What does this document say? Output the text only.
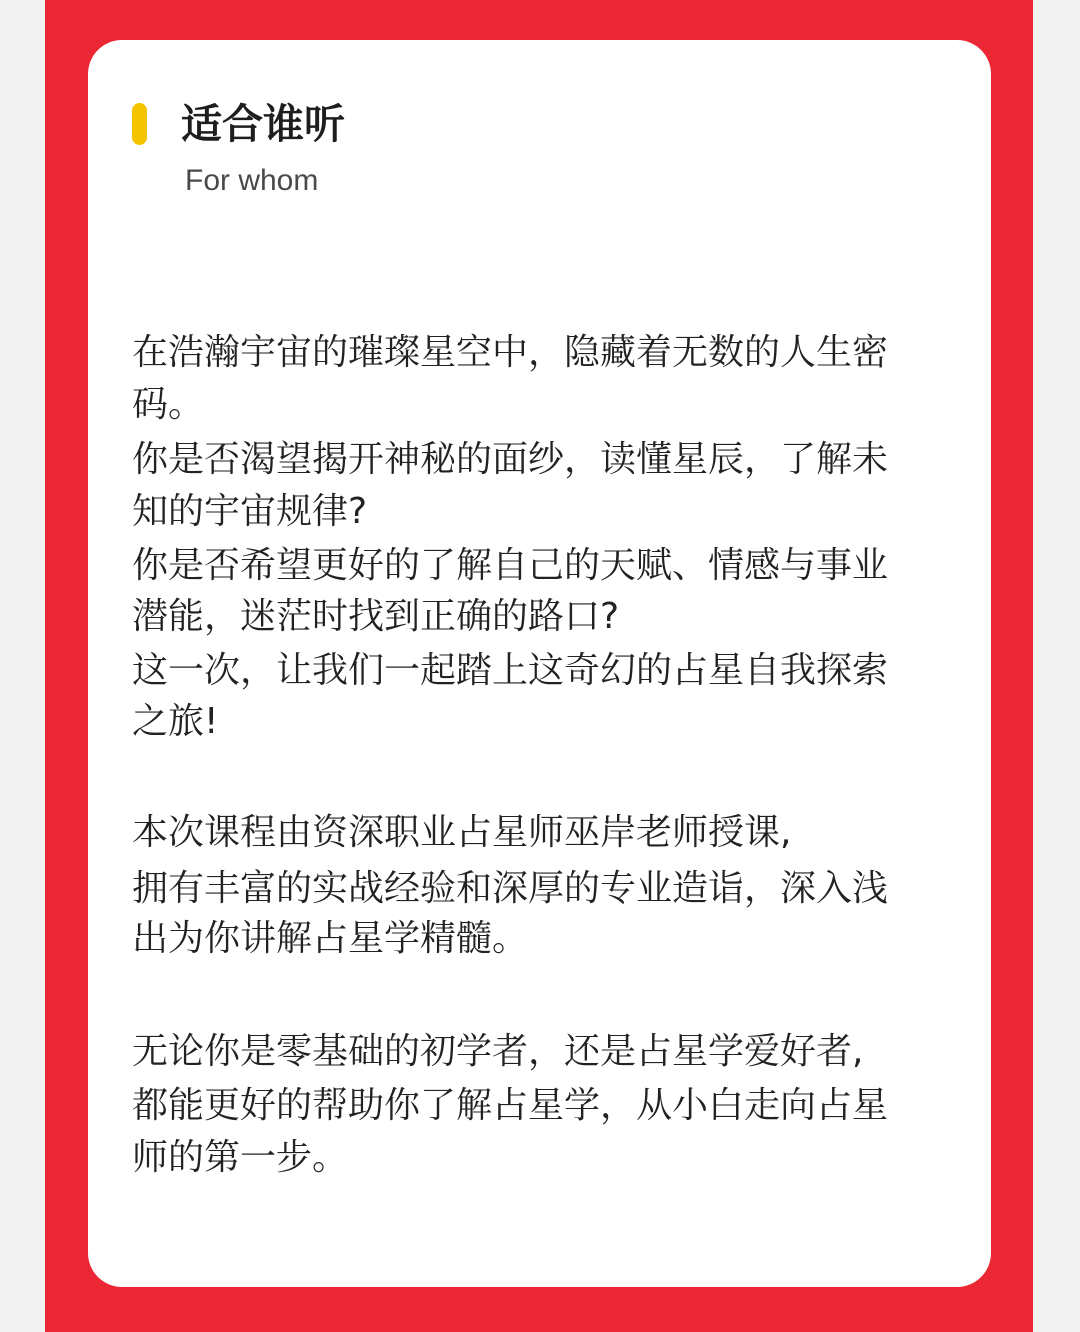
适合谁听
For whom
在浩瀚宇宙的璀璨星空中，隐藏着无数的人生密
码。
你是否渴望揭开神秘的面纱，读懂星辰，了解未
知的宇宙规律?
你是否希望更好的了解自己的天赋、情感与事业
潜能，迷茫时找到正确的路口?
这一次，让我们一起踏上这奇幻的占星自我探索
之旅!
本次课程由资深职业占星师巫岸老师授课,
拥有丰富的实战经验和深厚的专业造诣，深入浅
出为你讲解占星学精髓。
无论你是零基础的初学者，还是占星学爱好者,
都能更好的帮助你了解占星学，从小白走向占星
师的第一步。
